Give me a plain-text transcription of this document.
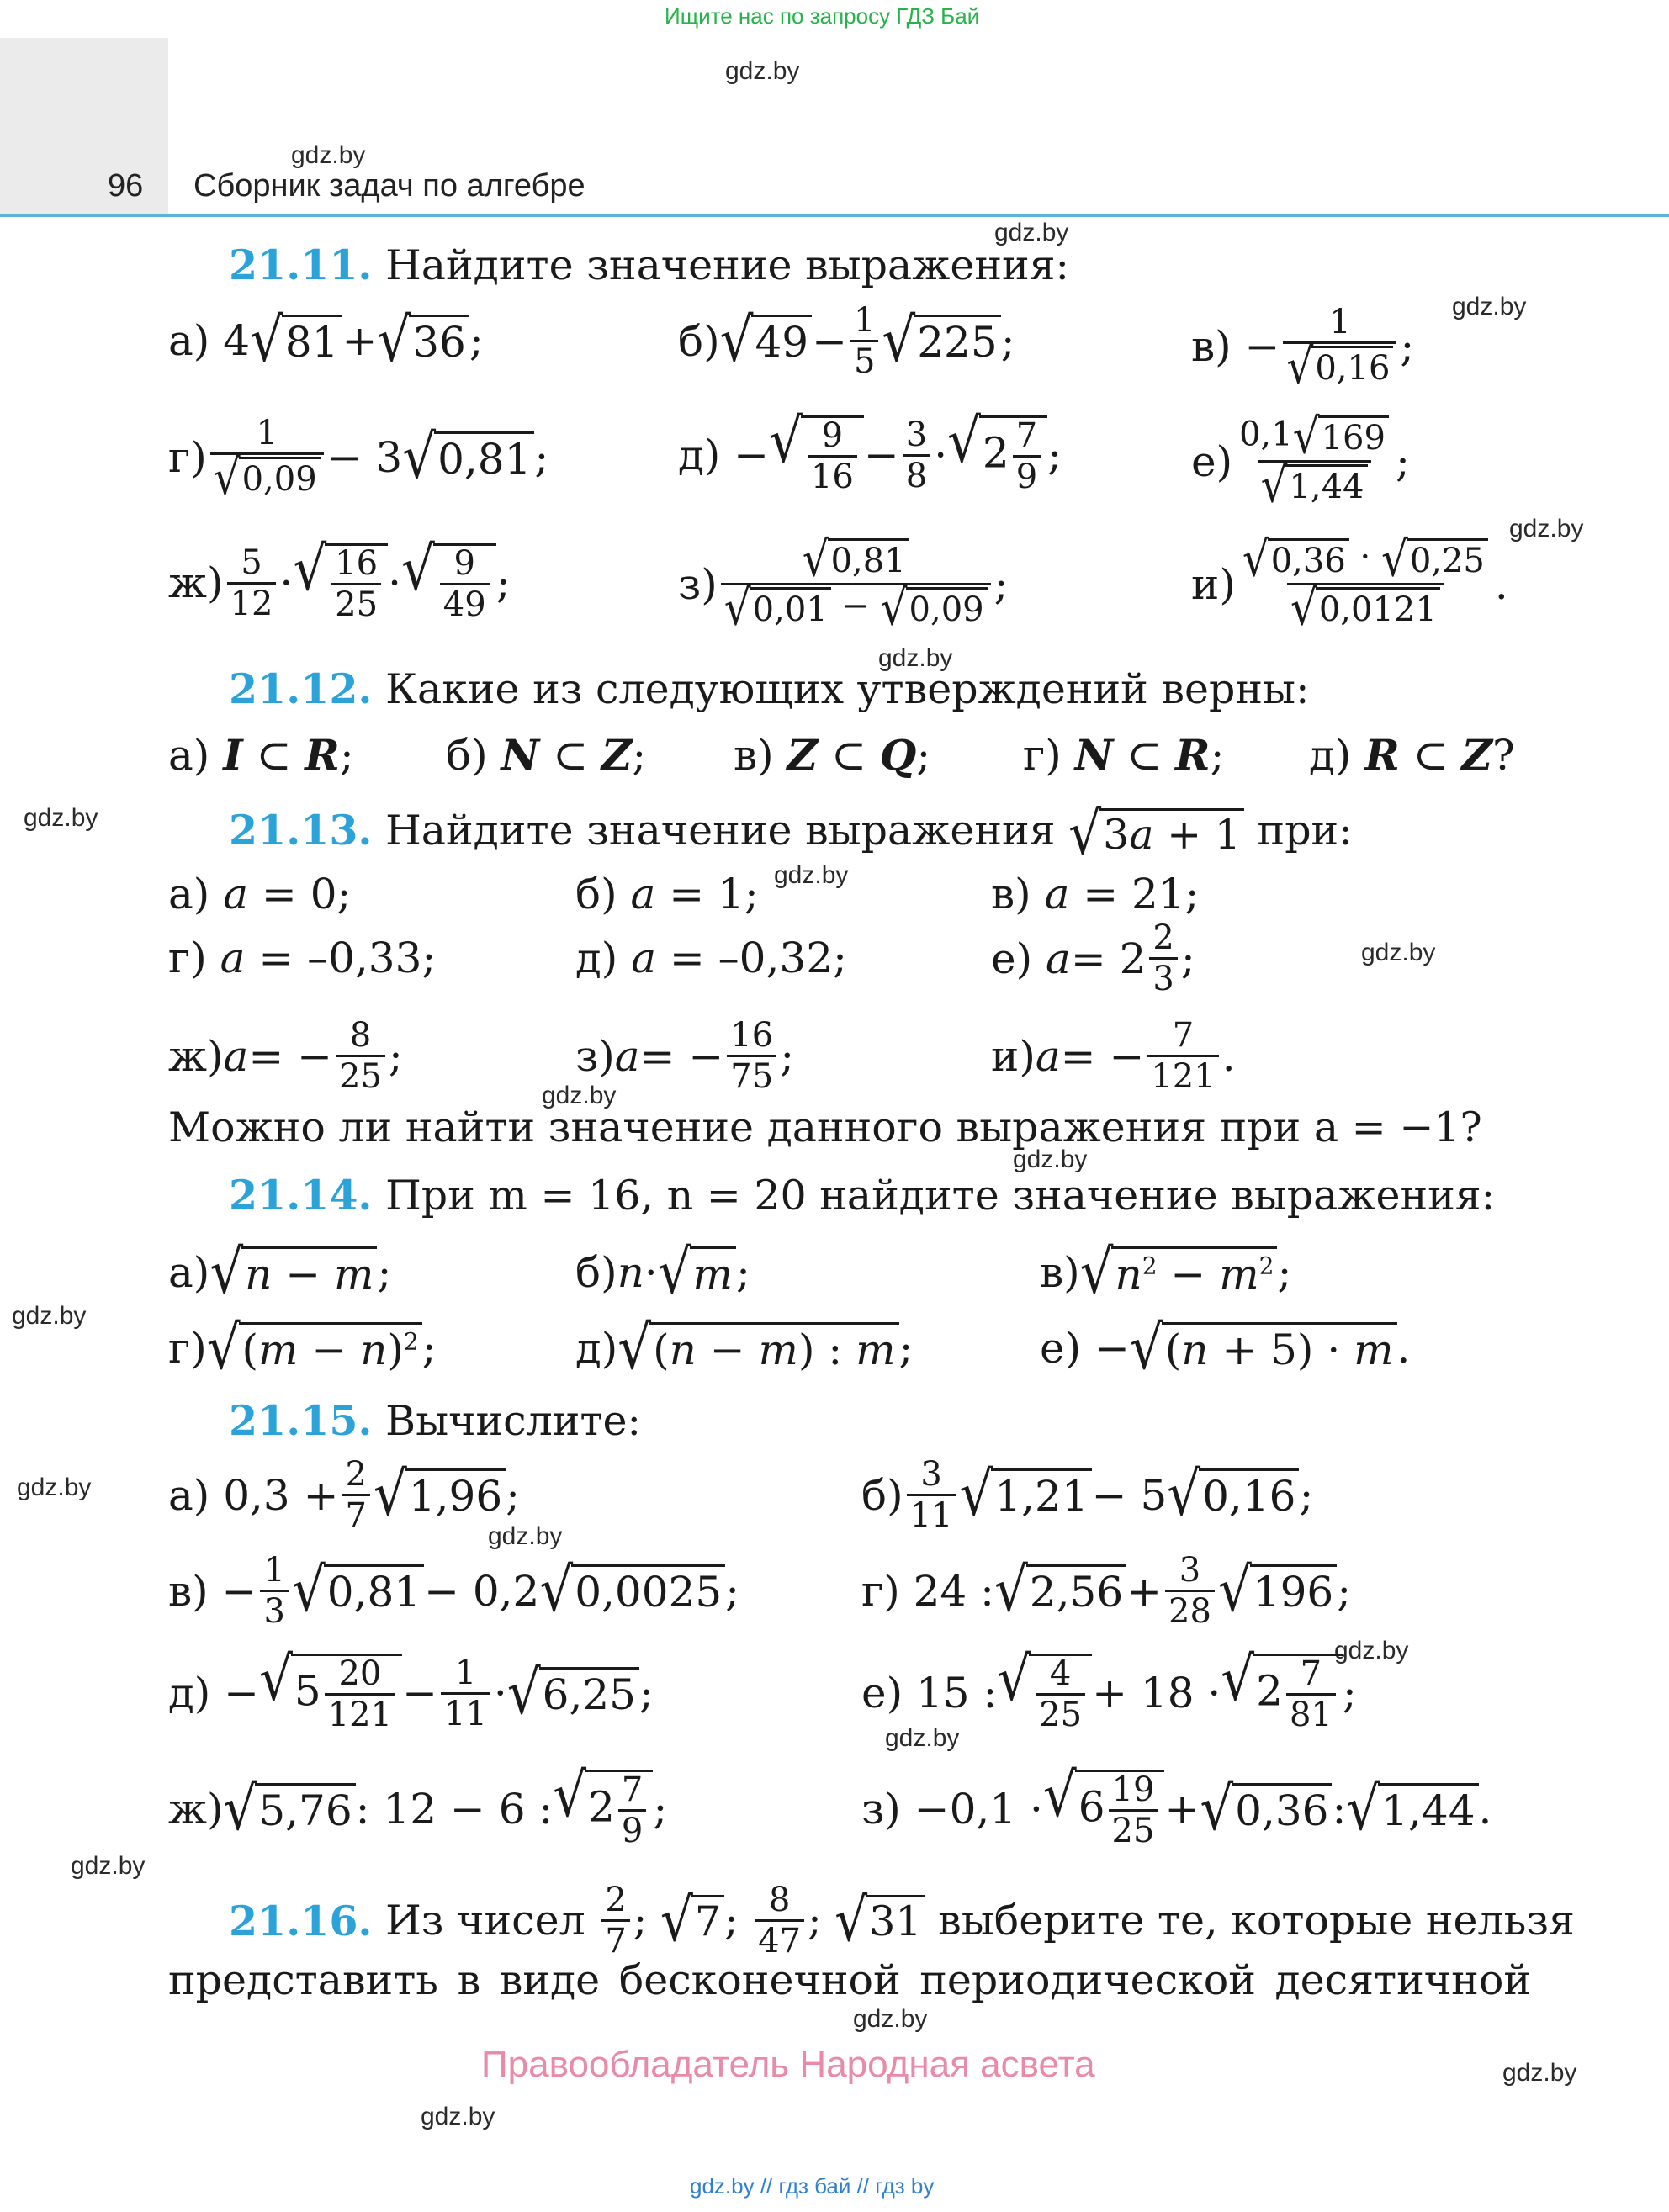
Ищите нас по запросу ГДЗ Бай
96 Сборник задач по алгебре
gdz.by
gdz.by
gdz.by
gdz.by
gdz.by
gdz.by
gdz.by
gdz.by
gdz.by
gdz.by
gdz.by
gdz.by
gdz.by
gdz.by
gdz.by
gdz.by
gdz.by
gdz.by
gdz.by
gdz.by
21.11. Найдите значение выражения:
а) 4 √ 81 + √ 36 ;	б) √ $49 - \frac{1}{5}$ √ 225 ;	$в) - \frac{1}{√ 0,16}$ ;
$г) \frac{1}{√ 0,09} - 3$ √ 0,81 ;	д) − √ $\frac{9}{16} - \frac{3}{8}$ · √ $2 \frac{7}{9}$ ;	$е) \frac{0,1 √ 169}{√ 1,44}$ ;
$ж) \frac{5}{12}$ · √ $\frac{16}{25}$ · √ $\frac{9}{49}$ ;	$з) \frac{√ 0,81}{√ 0,01 - √ 0,09}$ ;	$и) \frac{√ 0,36 \cdot √ 0,25}{√ 0,0121}$ .
21.12. Какие из следующих утверждений верны:
а) I ⊂ R; б) N ⊂ Z; в) Z ⊂ Q; г) N ⊂ R; д) R ⊂ Z?
21.13. Найдите значение выражения √ 3a + 1 при:
а) a = 0;	б) a = 1;	в) a = 21;
г) a = –0,33;	д) a = –0,32;	е) $a = 2 \frac{2}{3}$ ;
ж) a = − $\frac{8}{25}$ ;	з) a = − $\frac{16}{75}$ ;	и) a = − $\frac{7}{121}$ .
Можно ли найти значение данного выражения при a = −1?
21.14. При m = 16, n = 20 найдите значение выражения:
а) √ n − m ;	б) n · √ m ;	в) √ $n^2 - m^2$ ;
г) √ $(m - n)^2$ ;	д) √ (n − m) : m ;	е) − √ (n + 5) · m .
21.15. Вычислите:
а) $0,3 + \frac{2}{7}$ √ 1,96 ;	$б) \frac{3}{11}$ √ 1,21 − 5 √ 0,16 ;
$в) - \frac{1}{3}$ √ 0,81 − 0,2 √ 0,0025 ;	г) 24 : √ $2,56 + \frac{3}{28}$ √ 196 ;
д) − √ $5 \frac{20}{121} - \frac{1}{11}$ · √ 6,25 ;	е) 15 : √ $\frac{4}{25} + 18$ · √ $2 \frac{7}{81}$ ;
ж) √ 5,76 : 12 − 6 : √ $2 \frac{7}{9}$ ;	з) −0,1 · √ $6 \frac{19}{25}$ + √ 0,36 : √ 1,44 .
21.16.
Из чисел
$\frac{2}{7}$ ; √ 7 ; $\frac{8}{47}$ ; √ 31
выберите те, которые нельзя
представить в виде бесконечной периодической десятичной
Правообладатель Народная асвета
gdz.by // гдз бай // гдз by
